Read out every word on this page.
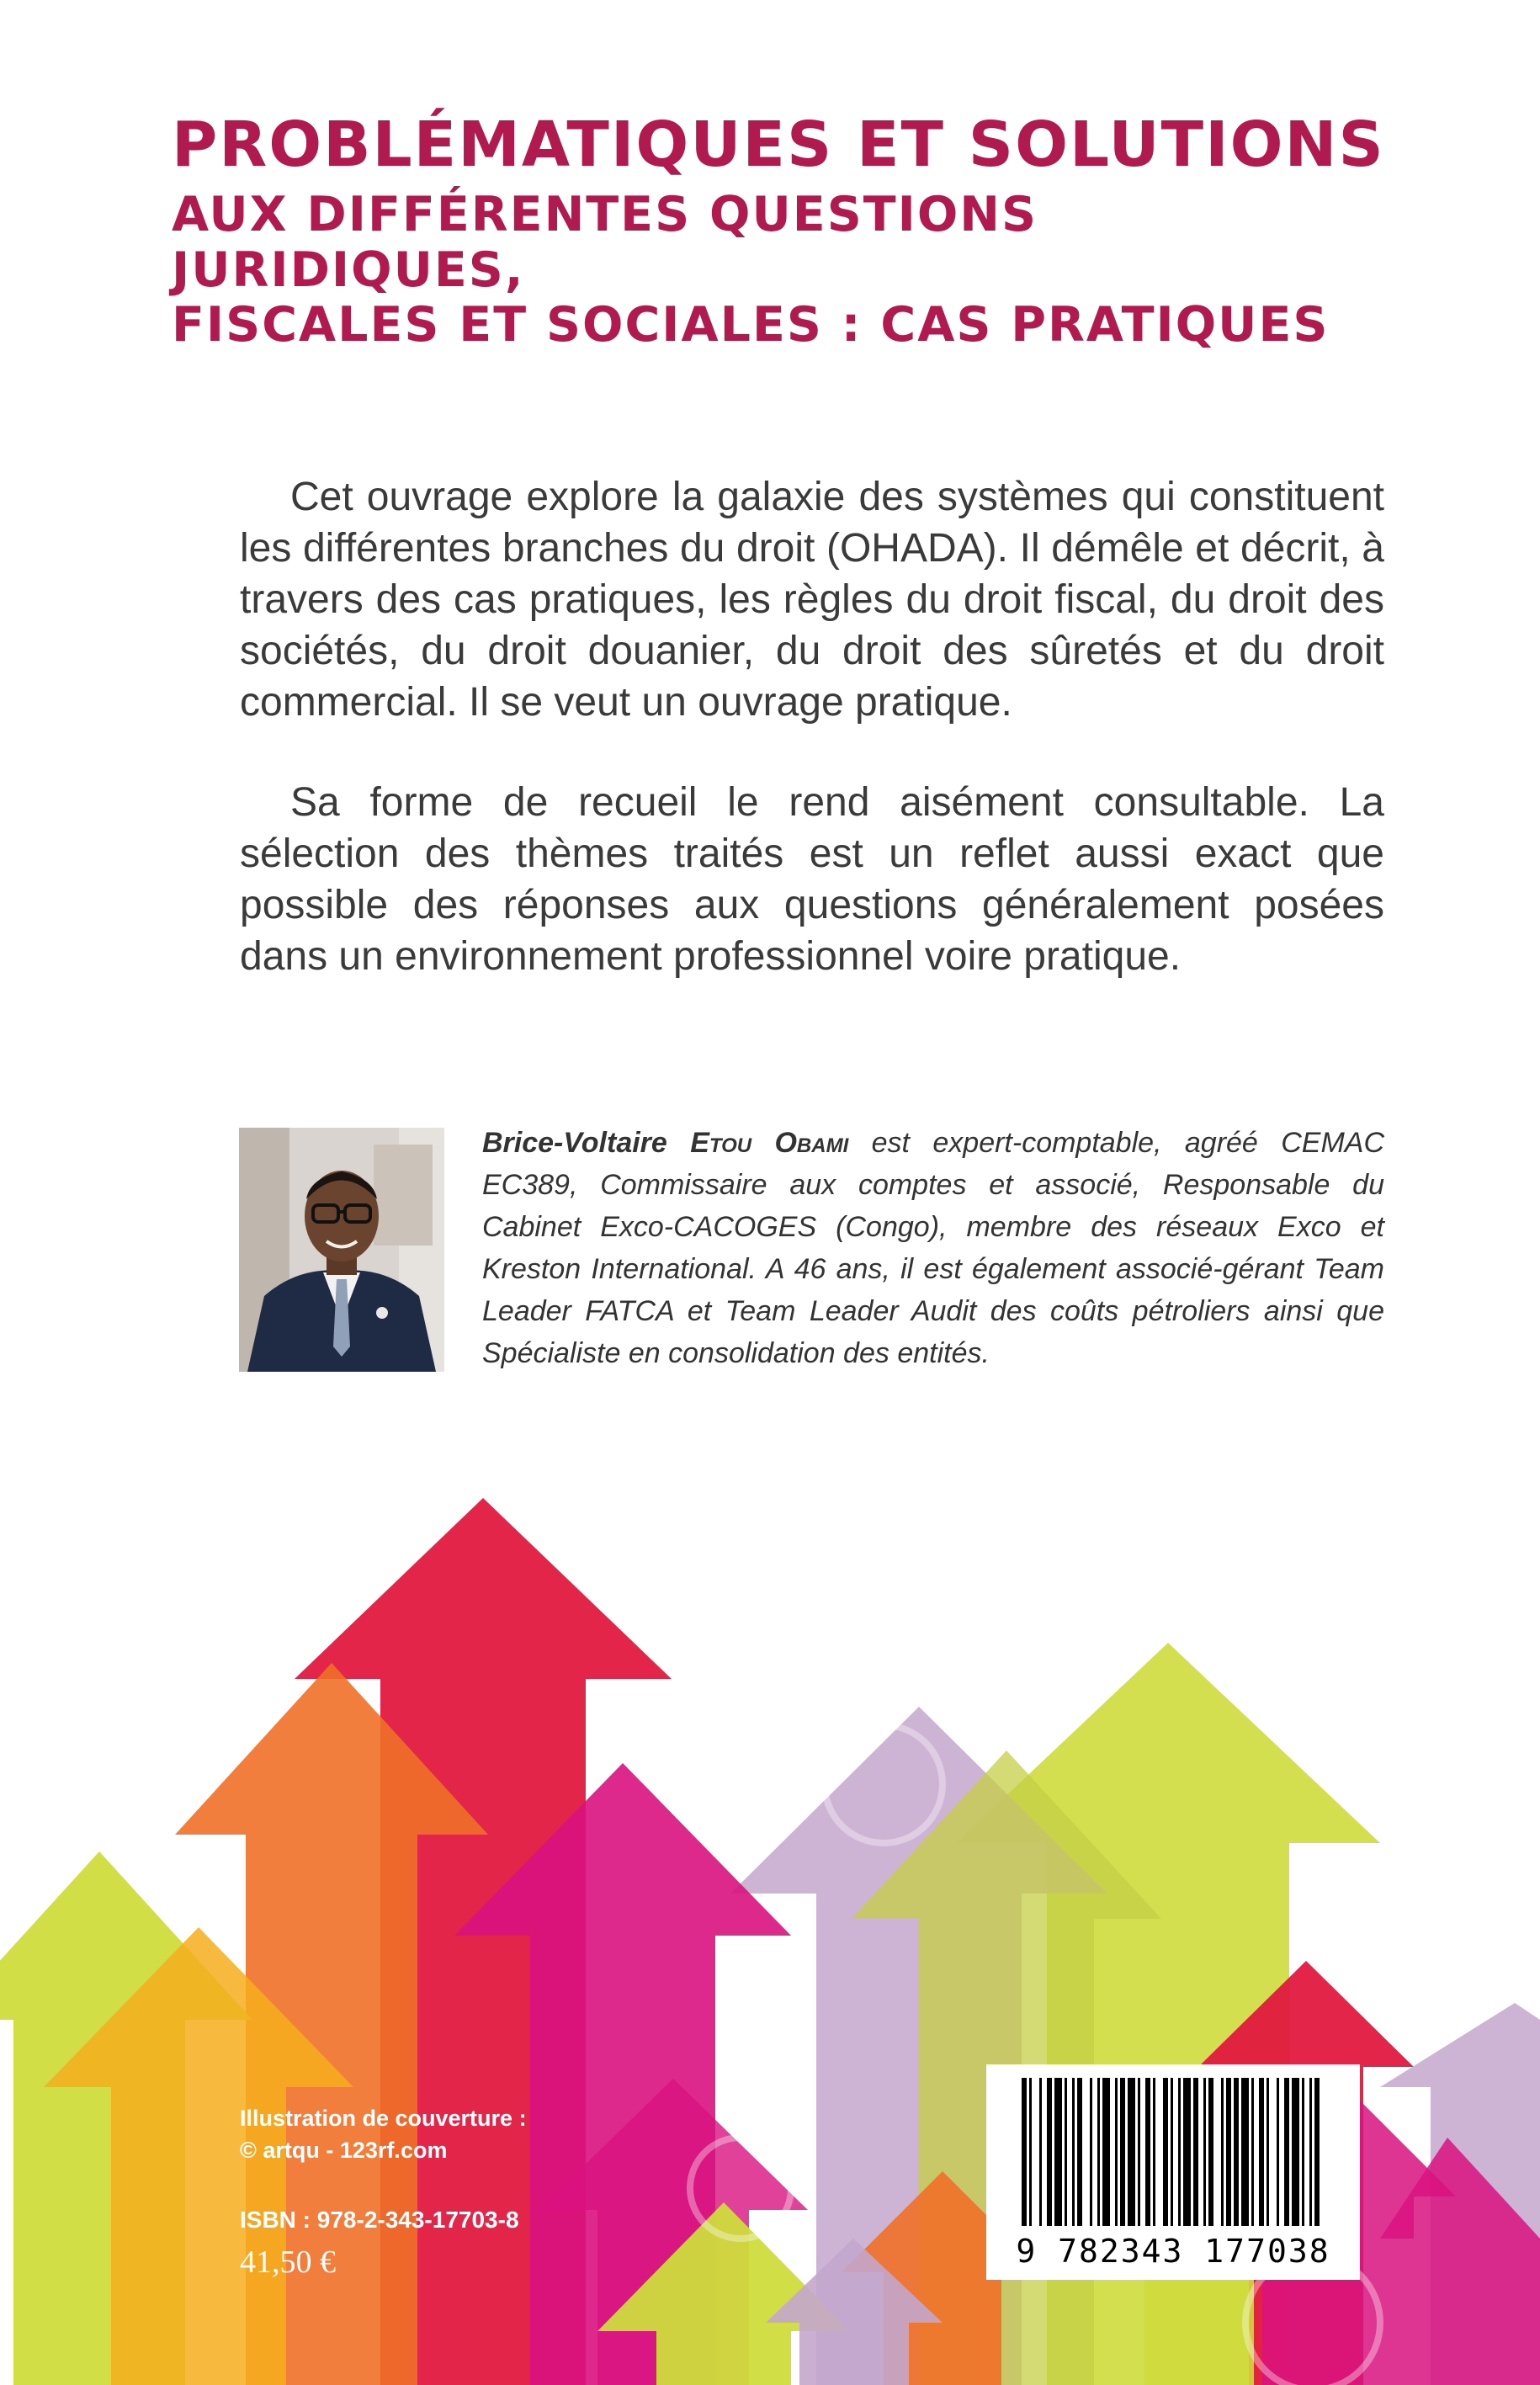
PROBLÉMATIQUES ET SOLUTIONS
AUX DIFFÉRENTES QUESTIONS JURIDIQUES,
FISCALES ET SOCIALES : CAS PRATIQUES

Cet ouvrage explore la galaxie des systèmes qui constituent les différentes branches du droit (OHADA). Il démêle et décrit, à travers des cas pratiques, les règles du droit fiscal, du droit des sociétés, du droit douanier, du droit des sûretés et du droit commercial. Il se veut un ouvrage pratique.

Sa forme de recueil le rend aisément consultable. La sélection des thèmes traités est un reflet aussi exact que possible des réponses aux questions généralement posées dans un environnement professionnel voire pratique.

Brice-Voltaire Etou Obami est expert-comptable, agréé CEMAC EC389, Commissaire aux comptes et associé, Responsable du Cabinet Exco-CACOGES (Congo), membre des réseaux Exco et Kreston International. A 46 ans, il est également associé-gérant Team Leader FATCA et Team Leader Audit des coûts pétroliers ainsi que Spécialiste en consolidation des entités.
Illustration de couverture :
© artqu - 123rf.com
ISBN : 978-2-343-17703-8
41,50 €	9 782343 177038
